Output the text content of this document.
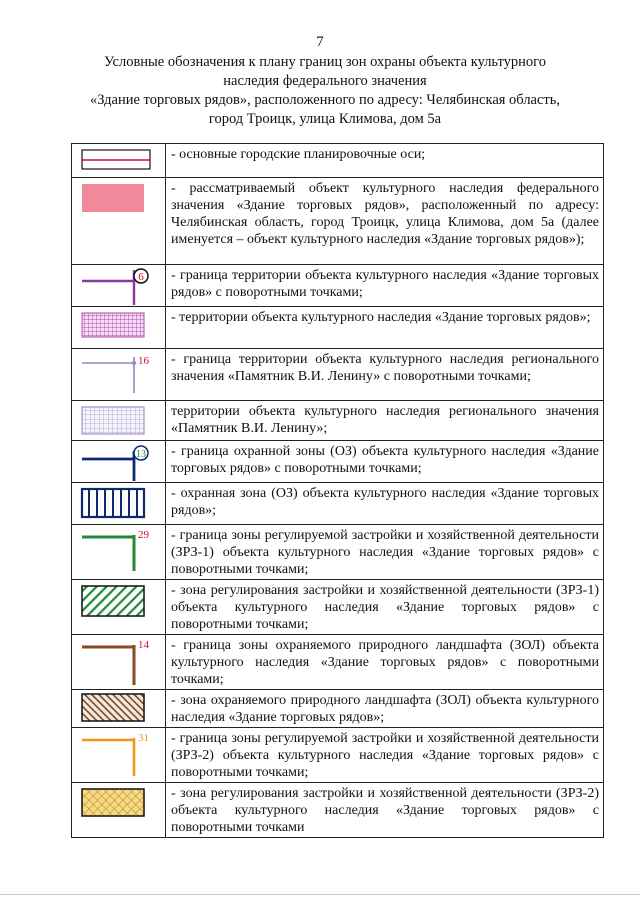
7
Условные обозначения к плану границ зон охраны объекта культурного
наследия федерального значения
«Здание торговых рядов», расположенного по адресу: Челябинская область,
город Троицк, улица Климова, дом 5а

- основные городские планировочные оси;

- рассматриваемый объект культурного наследия федерального значения «Здание торговых рядов», расположенный по адресу: Челябинская область, город Троицк, улица Климова, дом 5а (далее именуется – объект культурного наследия «Здание торговых рядов»);

6	- граница территории объекта культурного наследия «Здание торговых рядов» с поворотными точками;

- территории объекта культурного наследия «Здание торговых рядов»;

16	- граница территории объекта культурного наследия регионального значения «Памятник В.И. Ленину» с поворотными точками;

территории объекта культурного наследия регионального значения «Памятник В.И. Ленину»;

13	- граница охранной зоны (ОЗ) объекта культурного наследия «Здание торговых рядов» с поворотными точками;

- охранная зона (ОЗ) объекта культурного наследия «Здание торговых рядов»;

29	- граница зоны регулируемой застройки и хозяйственной деятельности (ЗРЗ-1) объекта культурного наследия «Здание торговых рядов» с поворотными точками;

- зона регулирования застройки и хозяйственной деятельности (ЗРЗ-1) объекта культурного наследия «Здание торговых рядов» с поворотными точками;

14	- граница зоны охраняемого природного ландшафта (ЗОЛ) объекта культурного наследия «Здание торговых рядов» с поворотными точками;

- зона охраняемого природного ландшафта (ЗОЛ) объекта культурного наследия «Здание торговых рядов»;

31	- граница зоны регулируемой застройки и хозяйственной деятельности (ЗРЗ-2) объекта культурного наследия «Здание торговых рядов» с поворотными точками;

- зона регулирования застройки и хозяйственной деятельности (ЗРЗ-2) объекта культурного наследия «Здание торговых рядов» с поворотными точками
